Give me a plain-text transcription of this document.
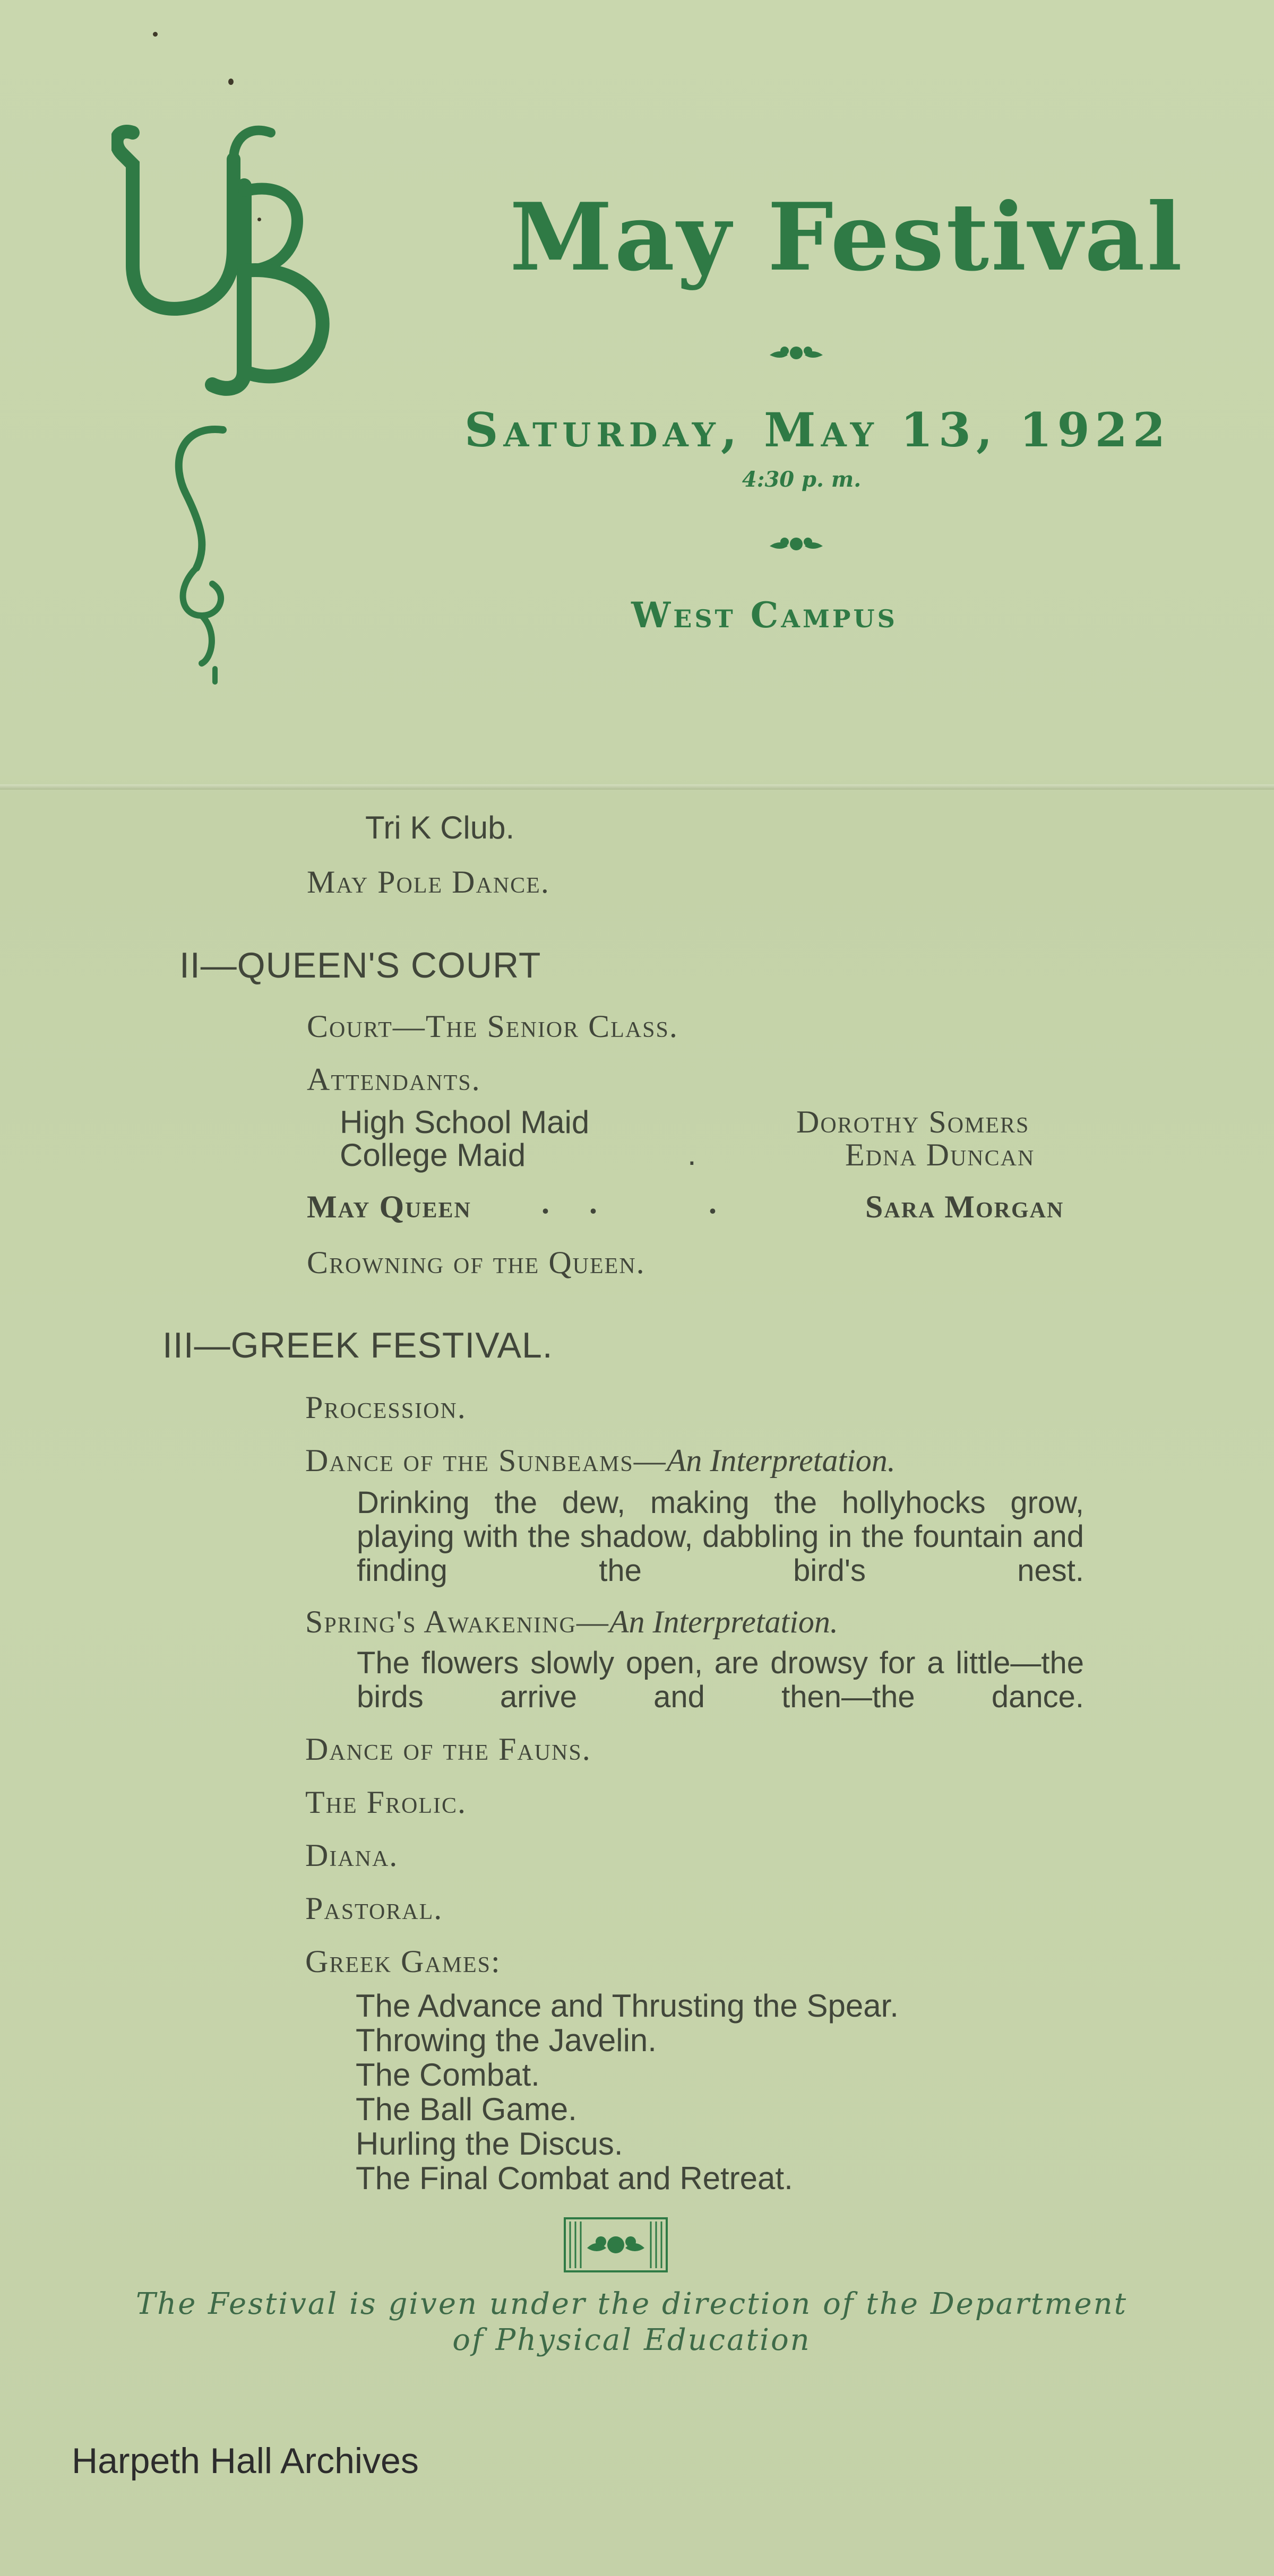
May Festival
Saturday, May 13, 1922
4:30 p. m.
West Campus
Tri K Club.
May Pole Dance.
II—QUEEN'S COURT
Court—The Senior Class.
Attendants.
High School Maid	Dorothy Somers
College Maid	.	Edna Duncan
May Queen .     .              .	Sara Morgan
Crowning of the Queen.
III—GREEK FESTIVAL.
Procession.
Dance of the Sunbeams—An Interpretation.
Drinking the dew, making the hollyhocks grow, playing with the shadow, dabbling in the fountain and finding the bird's nest.
Spring's Awakening—An Interpretation.
The flowers slowly open, are drowsy for a little—the birds arrive and then—the dance.
Dance of the Fauns.
The Frolic.
Diana.
Pastoral.
Greek Games:
The Advance and Thrusting the Spear.
Throwing the Javelin.
The Combat.
The Ball Game.
Hurling the Discus.
The Final Combat and Retreat.
The Festival is given under the direction of the Department
of Physical Education
Harpeth Hall Archives
